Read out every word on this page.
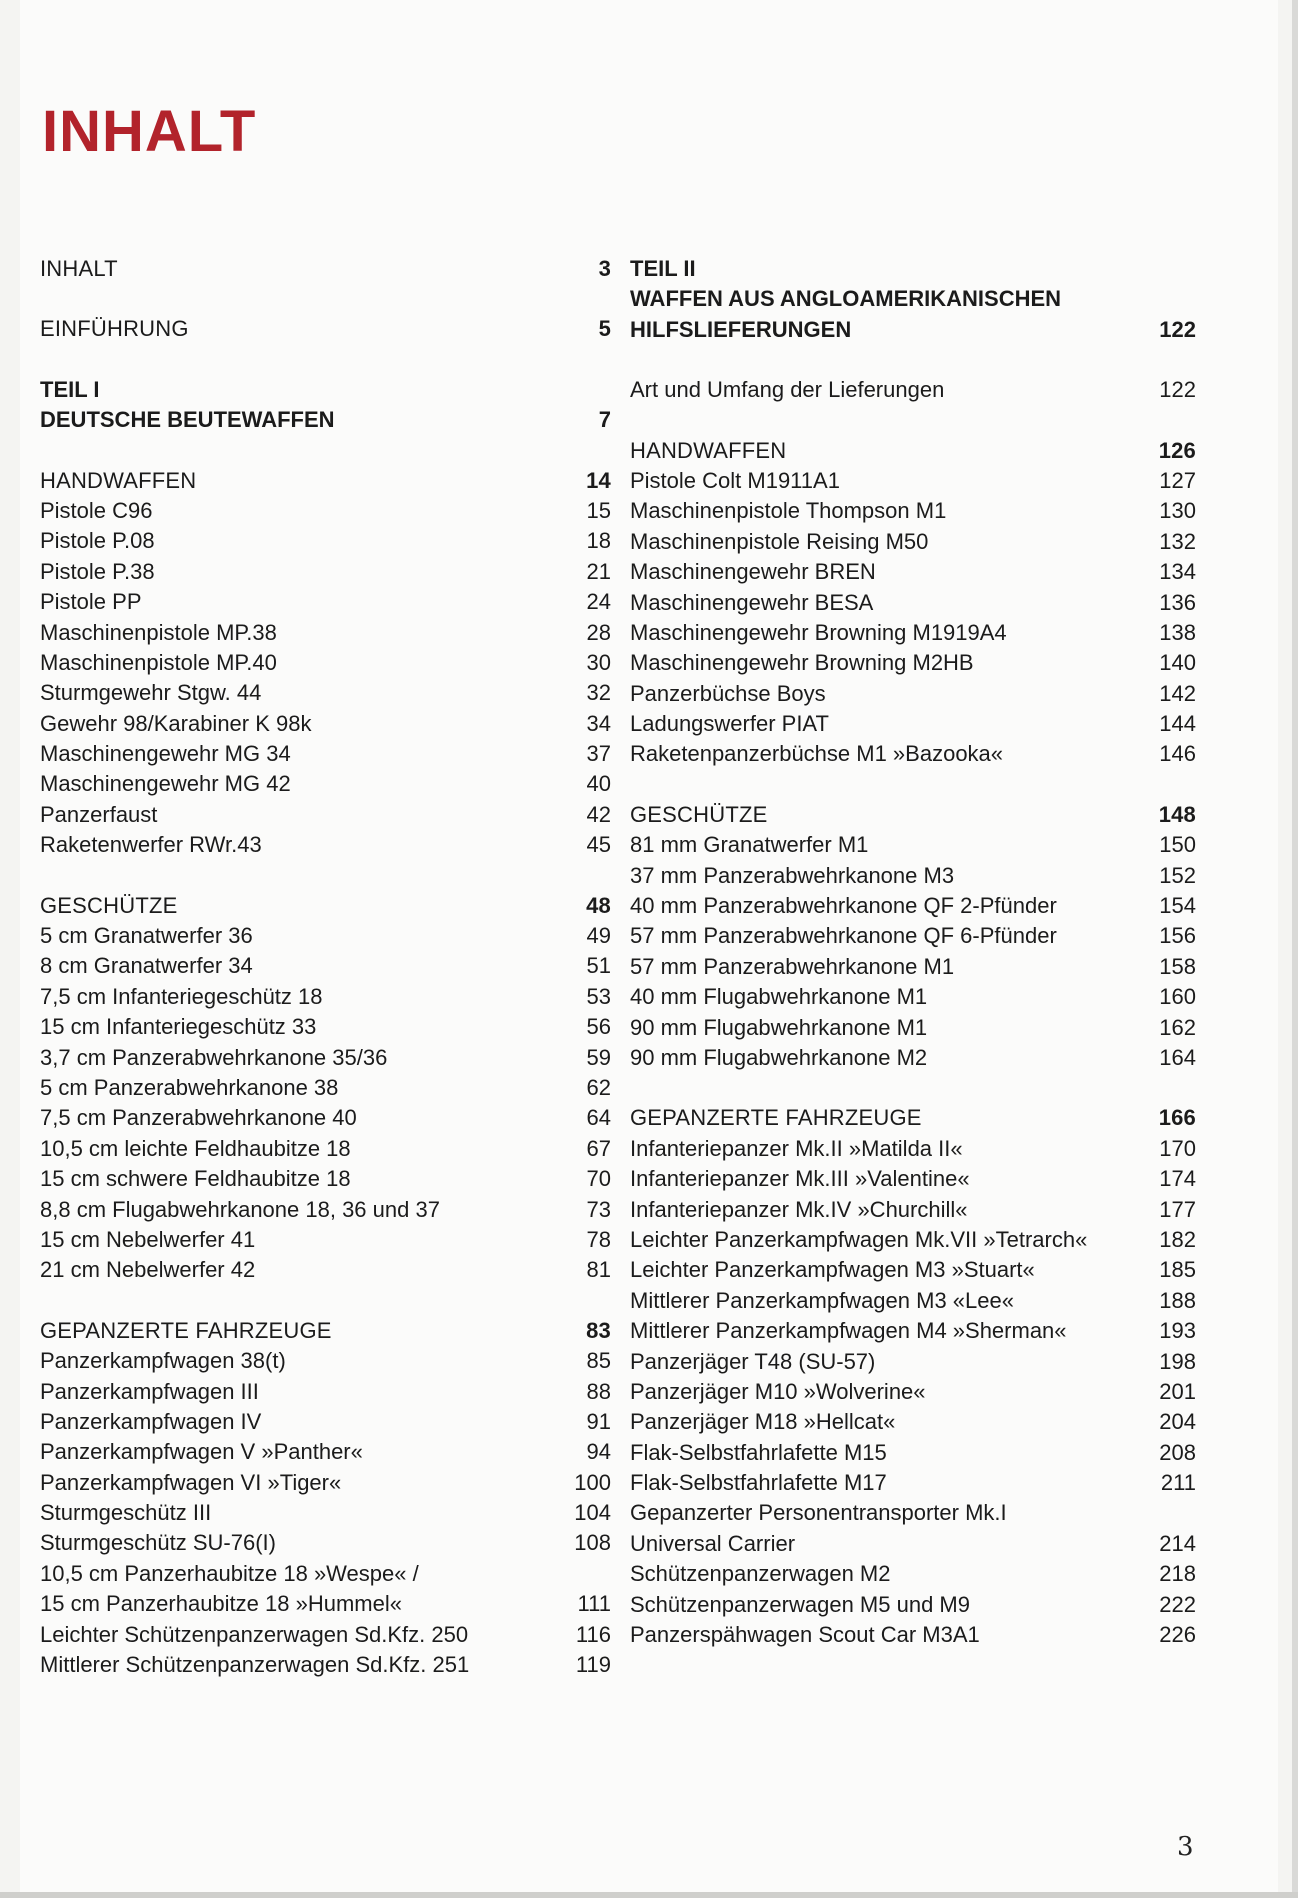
INHALT
INHALT	3
EINFÜHRUNG	5
TEIL I
DEUTSCHE BEUTEWAFFEN	7
HANDWAFFEN	14
Pistole C96	15
Pistole P.08	18
Pistole P.38	21
Pistole PP	24
Maschinenpistole MP.38	28
Maschinenpistole MP.40	30
Sturmgewehr Stgw. 44	32
Gewehr 98/Karabiner K 98k	34
Maschinengewehr MG 34	37
Maschinengewehr MG 42	40
Panzerfaust	42
Raketenwerfer RWr.43	45
GESCHÜTZE	48
5 cm Granatwerfer 36	49
8 cm Granatwerfer 34	51
7,5 cm Infanteriegeschütz 18	53
15 cm Infanteriegeschütz 33	56
3,7 cm Panzerabwehrkanone 35/36	59
5 cm Panzerabwehrkanone 38	62
7,5 cm Panzerabwehrkanone 40	64
10,5 cm leichte Feldhaubitze 18	67
15 cm schwere Feldhaubitze 18	70
8,8 cm Flugabwehrkanone 18, 36 und 37	73
15 cm Nebelwerfer 41	78
21 cm Nebelwerfer 42	81
GEPANZERTE FAHRZEUGE	83
Panzerkampfwagen 38(t)	85
Panzerkampfwagen III	88
Panzerkampfwagen IV	91
Panzerkampfwagen V »Panther«	94
Panzerkampfwagen VI »Tiger«	100
Sturmgeschütz III	104
Sturmgeschütz SU-76(I)	108
10,5 cm Panzerhaubitze 18 »Wespe« /
15 cm Panzerhaubitze 18 »Hummel«	111
Leichter Schützenpanzerwagen Sd.Kfz. 250	116
Mittlerer Schützenpanzerwagen Sd.Kfz. 251	119
TEIL II
WAFFEN AUS ANGLOAMERIKANISCHEN
HILFSLIEFERUNGEN	122
Art und Umfang der Lieferungen	122
HANDWAFFEN	126
Pistole Colt M1911A1	127
Maschinenpistole Thompson M1	130
Maschinenpistole Reising M50	132
Maschinengewehr BREN	134
Maschinengewehr BESA	136
Maschinengewehr Browning M1919A4	138
Maschinengewehr Browning M2HB	140
Panzerbüchse Boys	142
Ladungswerfer PIAT	144
Raketenpanzerbüchse M1 »Bazooka«	146
GESCHÜTZE	148
81 mm Granatwerfer M1	150
37 mm Panzerabwehrkanone M3	152
40 mm Panzerabwehrkanone QF 2-Pfünder	154
57 mm Panzerabwehrkanone QF 6-Pfünder	156
57 mm Panzerabwehrkanone M1	158
40 mm Flugabwehrkanone M1	160
90 mm Flugabwehrkanone M1	162
90 mm Flugabwehrkanone M2	164
GEPANZERTE FAHRZEUGE	166
Infanteriepanzer Mk.II »Matilda II«	170
Infanteriepanzer Mk.III »Valentine«	174
Infanteriepanzer Mk.IV »Churchill«	177
Leichter Panzerkampfwagen Mk.VII »Tetrarch«	182
Leichter Panzerkampfwagen M3 »Stuart«	185
Mittlerer Panzerkampfwagen M3 «Lee«	188
Mittlerer Panzerkampfwagen M4 »Sherman«	193
Panzerjäger T48 (SU-57)	198
Panzerjäger M10 »Wolverine«	201
Panzerjäger M18 »Hellcat«	204
Flak-Selbstfahrlafette M15	208
Flak-Selbstfahrlafette M17	211
Gepanzerter Personentransporter Mk.I
Universal Carrier	214
Schützenpanzerwagen M2	218
Schützenpanzerwagen M5 und M9	222
Panzerspähwagen Scout Car M3A1	226
3
